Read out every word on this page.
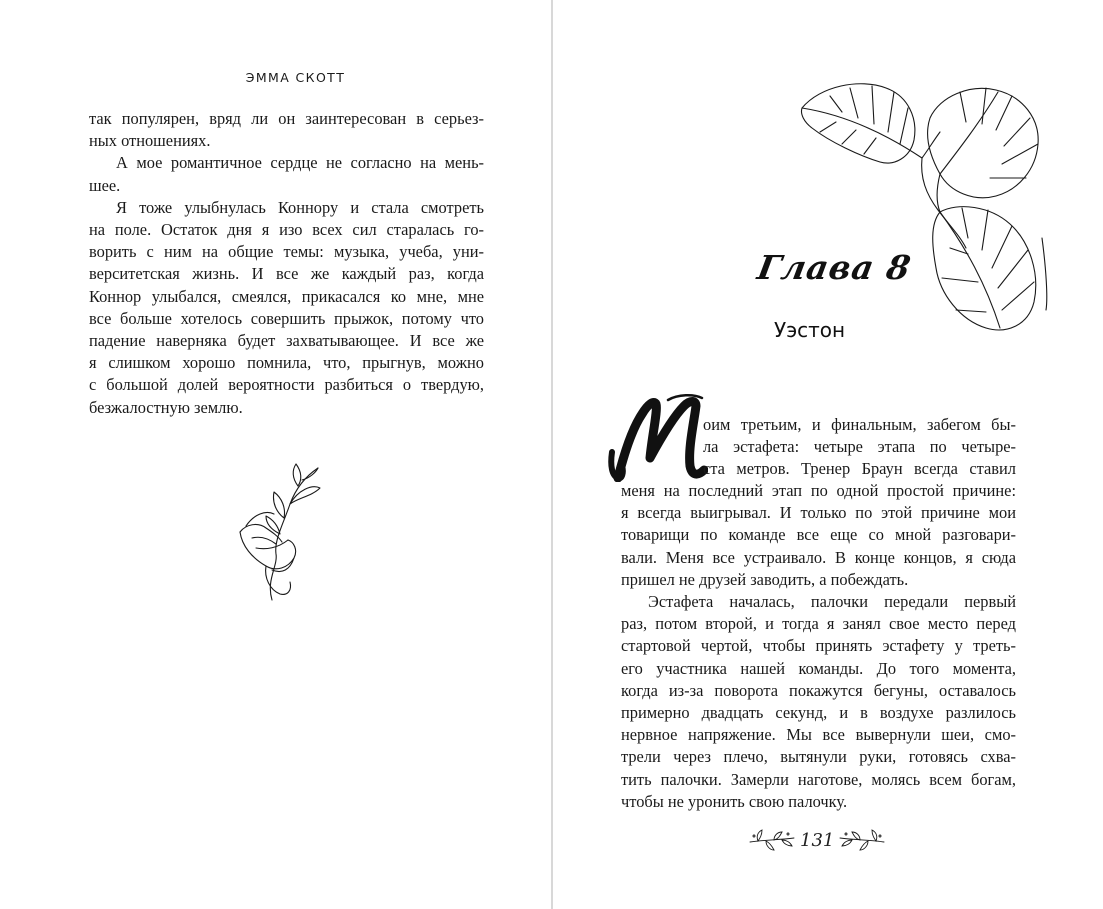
ЭММА СКОТТ
так популярен, вряд ли он заинтересован в серьез-
ных отношениях.
А мое романтичное сердце не согласно на мень-
шее.
Я тоже улыбнулась Коннору и стала смотреть
на поле. Остаток дня я изо всех сил старалась го-
ворить с ним на общие темы: музыка, учеба, уни-
верситетская жизнь. И все же каждый раз, когда
Коннор улыбался, смеялся, прикасался ко мне, мне
все больше хотелось совершить прыжок, потому что
падение наверняка будет захватывающее. И все же
я слишком хорошо помнила, что, прыгнув, можно
с большой долей вероятности разбиться о твердую,
безжалостную землю.
Глава 8
Уэстон
оим третьим, и финальным, забегом бы-
ла эстафета: четыре этапа по четыре-
ста метров. Тренер Браун всегда ставил
меня на последний этап по одной простой причине:
я всегда выигрывал. И только по этой причине мои
товарищи по команде все еще со мной разговари-
вали. Меня все устраивало. В конце концов, я сюда
пришел не друзей заводить, а побеждать.
Эстафета началась, палочки передали первый
раз, потом второй, и тогда я занял свое место перед
стартовой чертой, чтобы принять эстафету у треть-
его участника нашей команды. До того момента,
когда из-за поворота покажутся бегуны, оставалось
примерно двадцать секунд, и в воздухе разлилось
нервное напряжение. Мы все вывернули шеи, смо-
трели через плечо, вытянули руки, готовясь схва-
тить палочки. Замерли наготове, молясь всем богам,
чтобы не уронить свою палочку.
131
